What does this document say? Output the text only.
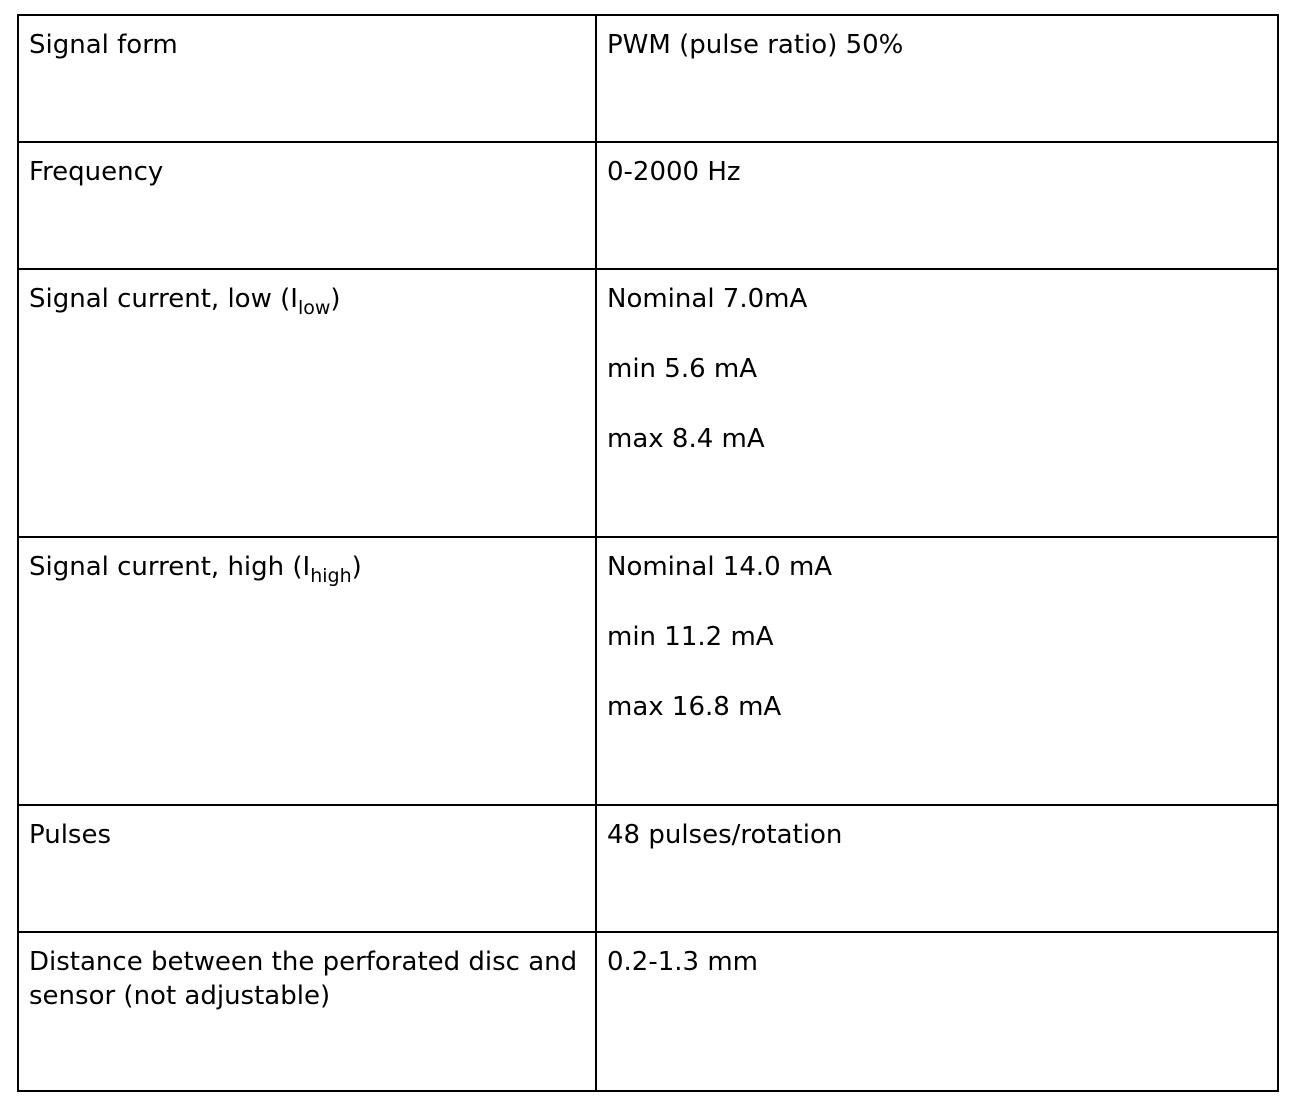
Signal form	PWM (pulse ratio) 50%

Frequency	0-2000 Hz

Signal current, low $(I_{low})$	Nominal 7.0mA
min 5.6 mA
max 8.4 mA

Signal current, high $(I_{high})$	Nominal 14.0 mA
min 11.2 mA
max 16.8 mA

Pulses	48 pulses/rotation

Distance between the perforated disc and sensor (not adjustable)	0.2-1.3 mm
